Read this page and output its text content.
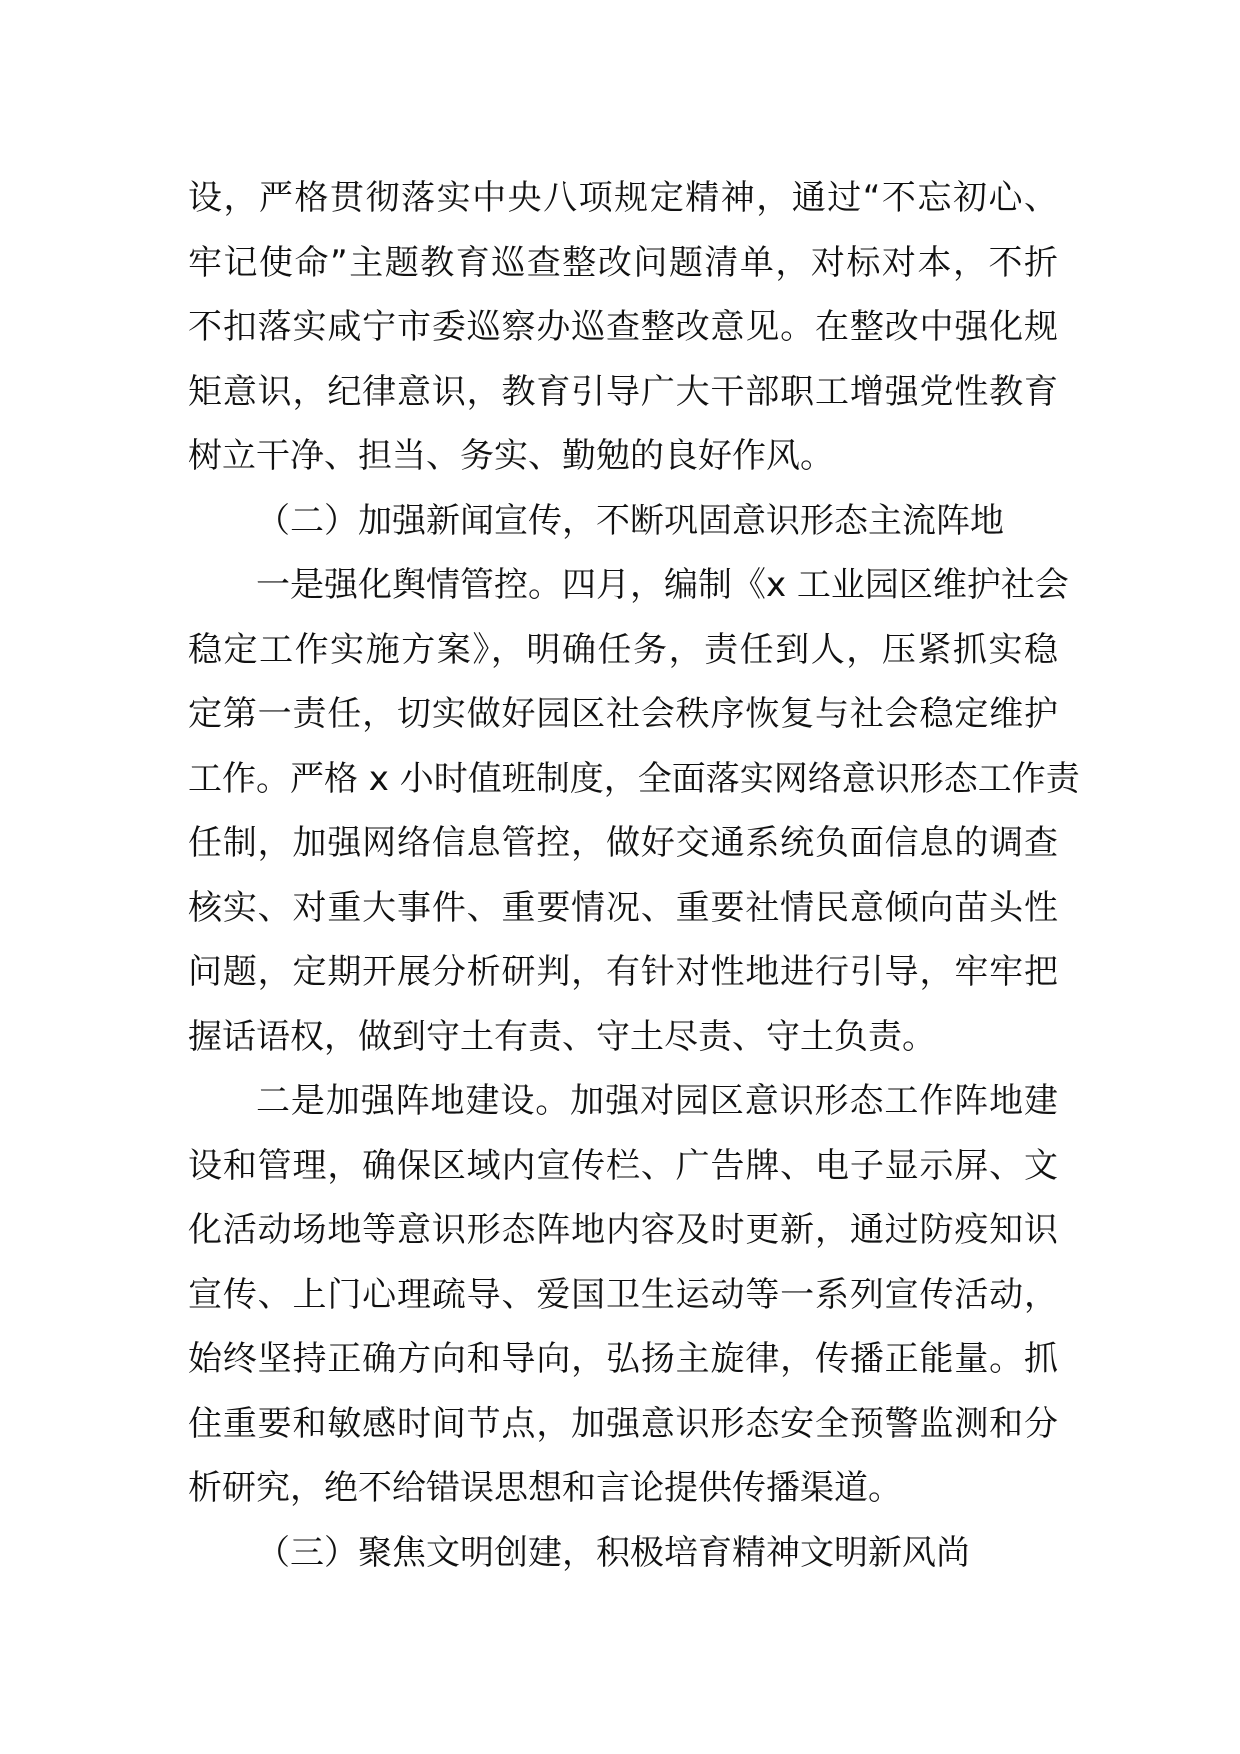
设，严格贯彻落实中央八项规定精神，通过“不忘初心、
牢记使命”主题教育巡查整改问题清单，对标对本，不折
不扣落实咸宁市委巡察办巡查整改意见。在整改中强化规
矩意识，纪律意识，教育引导广大干部职工增强党性教育
树立干净、担当、务实、勤勉的良好作风。
（二）加强新闻宣传，不断巩固意识形态主流阵地
一是强化舆情管控。四月，编制《x 工业园区维护社会
稳定工作实施方案》，明确任务，责任到人，压紧抓实稳
定第一责任，切实做好园区社会秩序恢复与社会稳定维护
工作。严格 x 小时值班制度，全面落实网络意识形态工作责
任制，加强网络信息管控，做好交通系统负面信息的调查
核实、对重大事件、重要情况、重要社情民意倾向苗头性
问题，定期开展分析研判，有针对性地进行引导，牢牢把
握话语权，做到守土有责、守土尽责、守土负责。
二是加强阵地建设。加强对园区意识形态工作阵地建
设和管理，确保区域内宣传栏、广告牌、电子显示屏、文
化活动场地等意识形态阵地内容及时更新，通过防疫知识
宣传、上门心理疏导、爱国卫生运动等一系列宣传活动，
始终坚持正确方向和导向，弘扬主旋律，传播正能量。抓
住重要和敏感时间节点，加强意识形态安全预警监测和分
析研究，绝不给错误思想和言论提供传播渠道。
（三）聚焦文明创建，积极培育精神文明新风尚
